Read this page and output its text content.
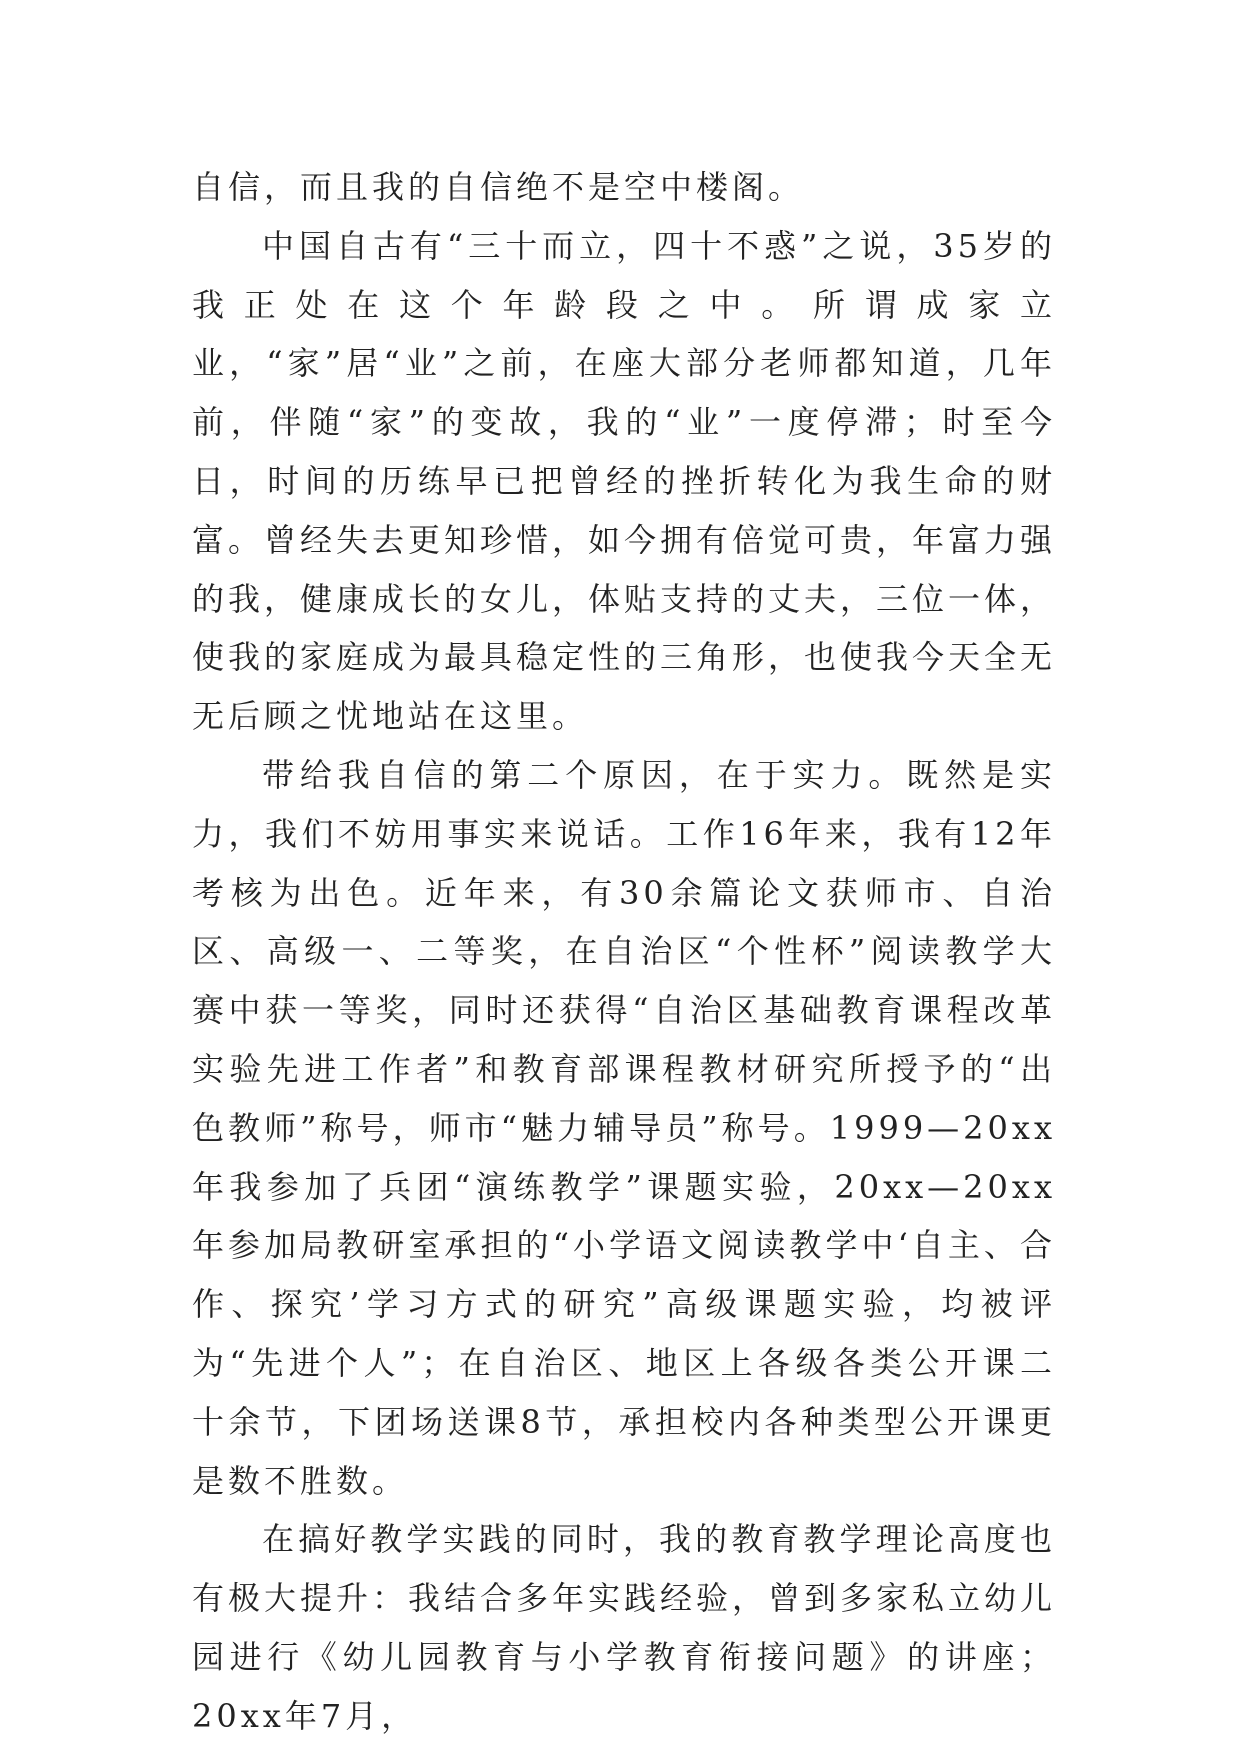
自信，而且我的自信绝不是空中楼阁。

中国自古有“三十而立，四十不惑”之说，35岁的我正处在这个年龄段之中。所谓成家立业，“家”居“业”之前，在座大部分老师都知道，几年前，伴随“家”的变故，我的“业”一度停滞；时至今日，时间的历练早已把曾经的挫折转化为我生命的财富。曾经失去更知珍惜，如今拥有倍觉可贵，年富力强的我，健康成长的女儿，体贴支持的丈夫，三位一体，使我的家庭成为最具稳定性的三角形，也使我今天全无无后顾之忧地站在这里。

带给我自信的第二个原因，在于实力。既然是实力，我们不妨用事实来说话。工作16年来，我有12年考核为出色。近年来，有30余篇论文获师市、自治区、高级一、二等奖，在自治区“个性杯”阅读教学大赛中获一等奖，同时还获得“自治区基础教育课程改革实验先进工作者”和教育部课程教材研究所授予的“出色教师”称号，师市“魅力辅导员”称号。1999—20xx年我参加了兵团“演练教学”课题实验，20xx—20xx年参加局教研室承担的“小学语文阅读教学中‘自主、合作、探究’学习方式的研究”高级课题实验，均被评为“先进个人”；在自治区、地区上各级各类公开课二十余节，下团场送课8节，承担校内各种类型公开课更是数不胜数。

在搞好教学实践的同时，我的教育教学理论高度也有极大提升：我结合多年实践经验，曾到多家私立幼儿园进行《幼儿园教育与小学教育衔接问题》的讲座；20xx年7月，
